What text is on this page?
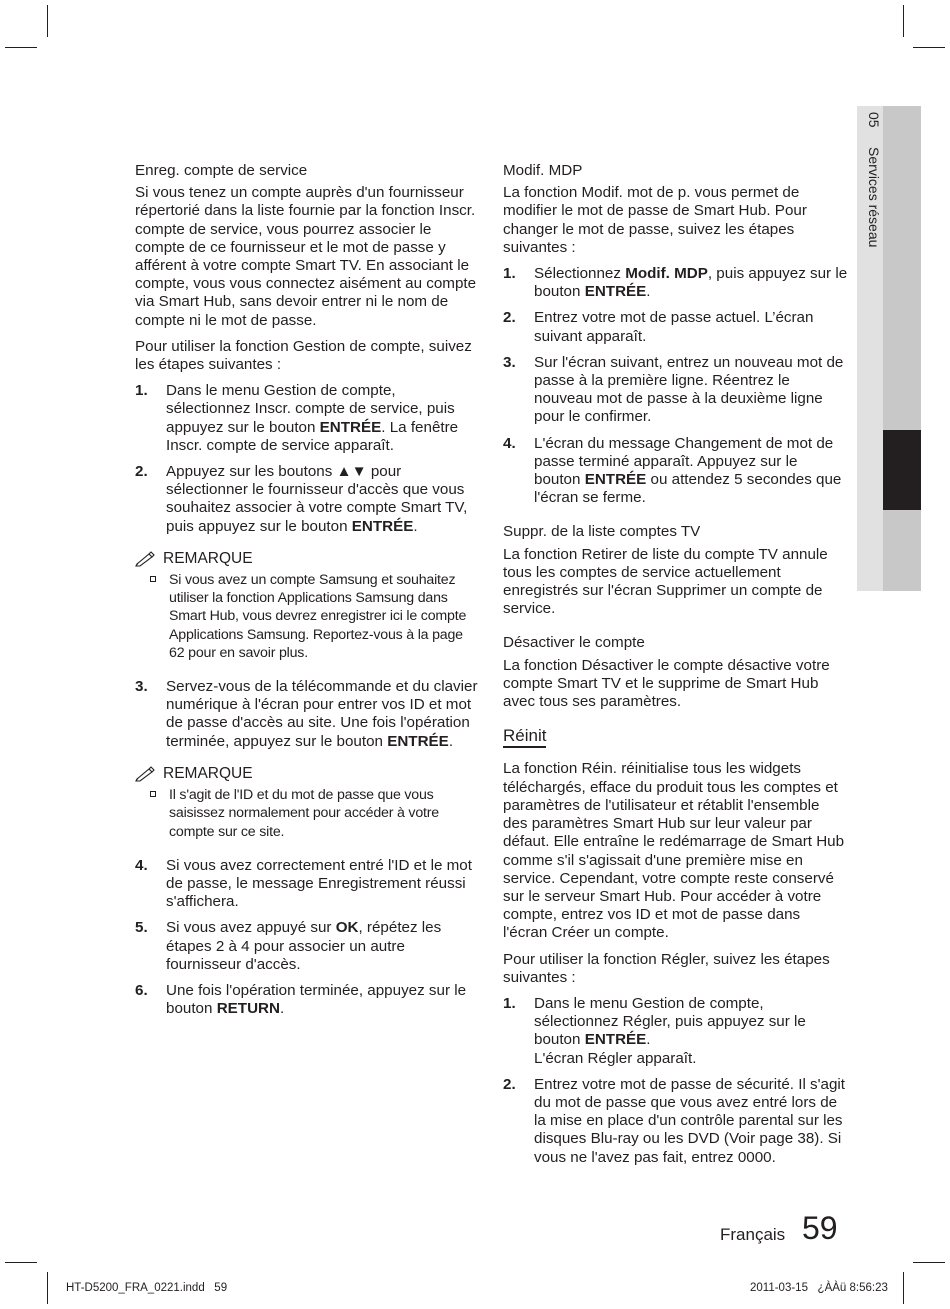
05     Services réseau
Enreg. compte de service

Si vous tenez un compte auprès d'un fournisseur répertorié dans la liste fournie par la fonction Inscr. compte de service, vous pourrez associer le compte de ce fournisseur et le mot de passe y afférent à votre compte Smart TV. En associant le compte, vous vous connectez aisément au compte via Smart Hub, sans devoir entrer ni le nom de compte ni le mot de passe.

Pour utiliser la fonction Gestion de compte, suivez les étapes suivantes :

1. Dans le menu Gestion de compte, sélectionnez Inscr. compte de service, puis appuyez sur le bouton ENTRÉE. La fenêtre Inscr. compte de service apparaît.
2. Appuyez sur les boutons ▲▼ pour sélectionner le fournisseur d'accès que vous souhaitez associer à votre compte Smart TV, puis appuyez sur le bouton ENTRÉE.
REMARQUE
Si vous avez un compte Samsung et souhaitez utiliser la fonction Applications Samsung dans Smart Hub, vous devrez enregistrer ici le compte Applications Samsung. Reportez-vous à la page 62 pour en savoir plus.
3. Servez-vous de la télécommande et du clavier numérique à l'écran pour entrer vos ID et mot de passe d'accès au site. Une fois l'opération terminée, appuyez sur le bouton ENTRÉE.
REMARQUE
Il s'agit de l'ID et du mot de passe que vous saisissez normalement pour accéder à votre compte sur ce site.
4. Si vous avez correctement entré l'ID et le mot de passe, le message Enregistrement réussi s'affichera.
5. Si vous avez appuyé sur OK, répétez les étapes 2 à 4 pour associer un autre fournisseur d'accès.
6. Une fois l'opération terminée, appuyez sur le bouton RETURN.
Modif. MDP

La fonction Modif. mot de p. vous permet de modifier le mot de passe de Smart Hub. Pour changer le mot de passe, suivez les étapes suivantes :

1. Sélectionnez Modif. MDP, puis appuyez sur le bouton ENTRÉE.
2. Entrez votre mot de passe actuel. L’écran suivant apparaît.
3. Sur l'écran suivant, entrez un nouveau mot de passe à la première ligne. Réentrez le nouveau mot de passe à la deuxième ligne pour le confirmer.
4. L'écran du message Changement de mot de passe terminé apparaît. Appuyez sur le bouton ENTRÉE ou attendez 5 secondes que l'écran se ferme.
Suppr. de la liste comptes TV

La fonction Retirer de liste du compte TV annule tous les comptes de service actuellement enregistrés sur l'écran Supprimer un compte de service.

Désactiver le compte

La fonction Désactiver le compte désactive votre compte Smart TV et le supprime de Smart Hub avec tous ses paramètres.

Réinit

La fonction Réin. réinitialise tous les widgets téléchargés, efface du produit tous les comptes et paramètres de l'utilisateur et rétablit l'ensemble des paramètres Smart Hub sur leur valeur par défaut. Elle entraîne le redémarrage de Smart Hub comme s'il s'agissait d'une première mise en service. Cependant, votre compte reste conservé sur le serveur Smart Hub. Pour accéder à votre compte, entrez vos ID et mot de passe dans l'écran Créer un compte.

Pour utiliser la fonction Régler, suivez les étapes suivantes :

1. Dans le menu Gestion de compte, sélectionnez Régler, puis appuyez sur le bouton ENTRÉE.
L'écran Régler apparaît.
2. Entrez votre mot de passe de sécurité. Il s'agit du mot de passe que vous avez entré lors de la mise en place d'un contrôle parental sur les disques Blu-ray ou les DVD (Voir page 38). Si vous ne l'avez pas fait, entrez 0000.
Français 59
HT-D5200_FRA_0221.indd   59	2011-03-15   ¿ÀÀü 8:56:23
